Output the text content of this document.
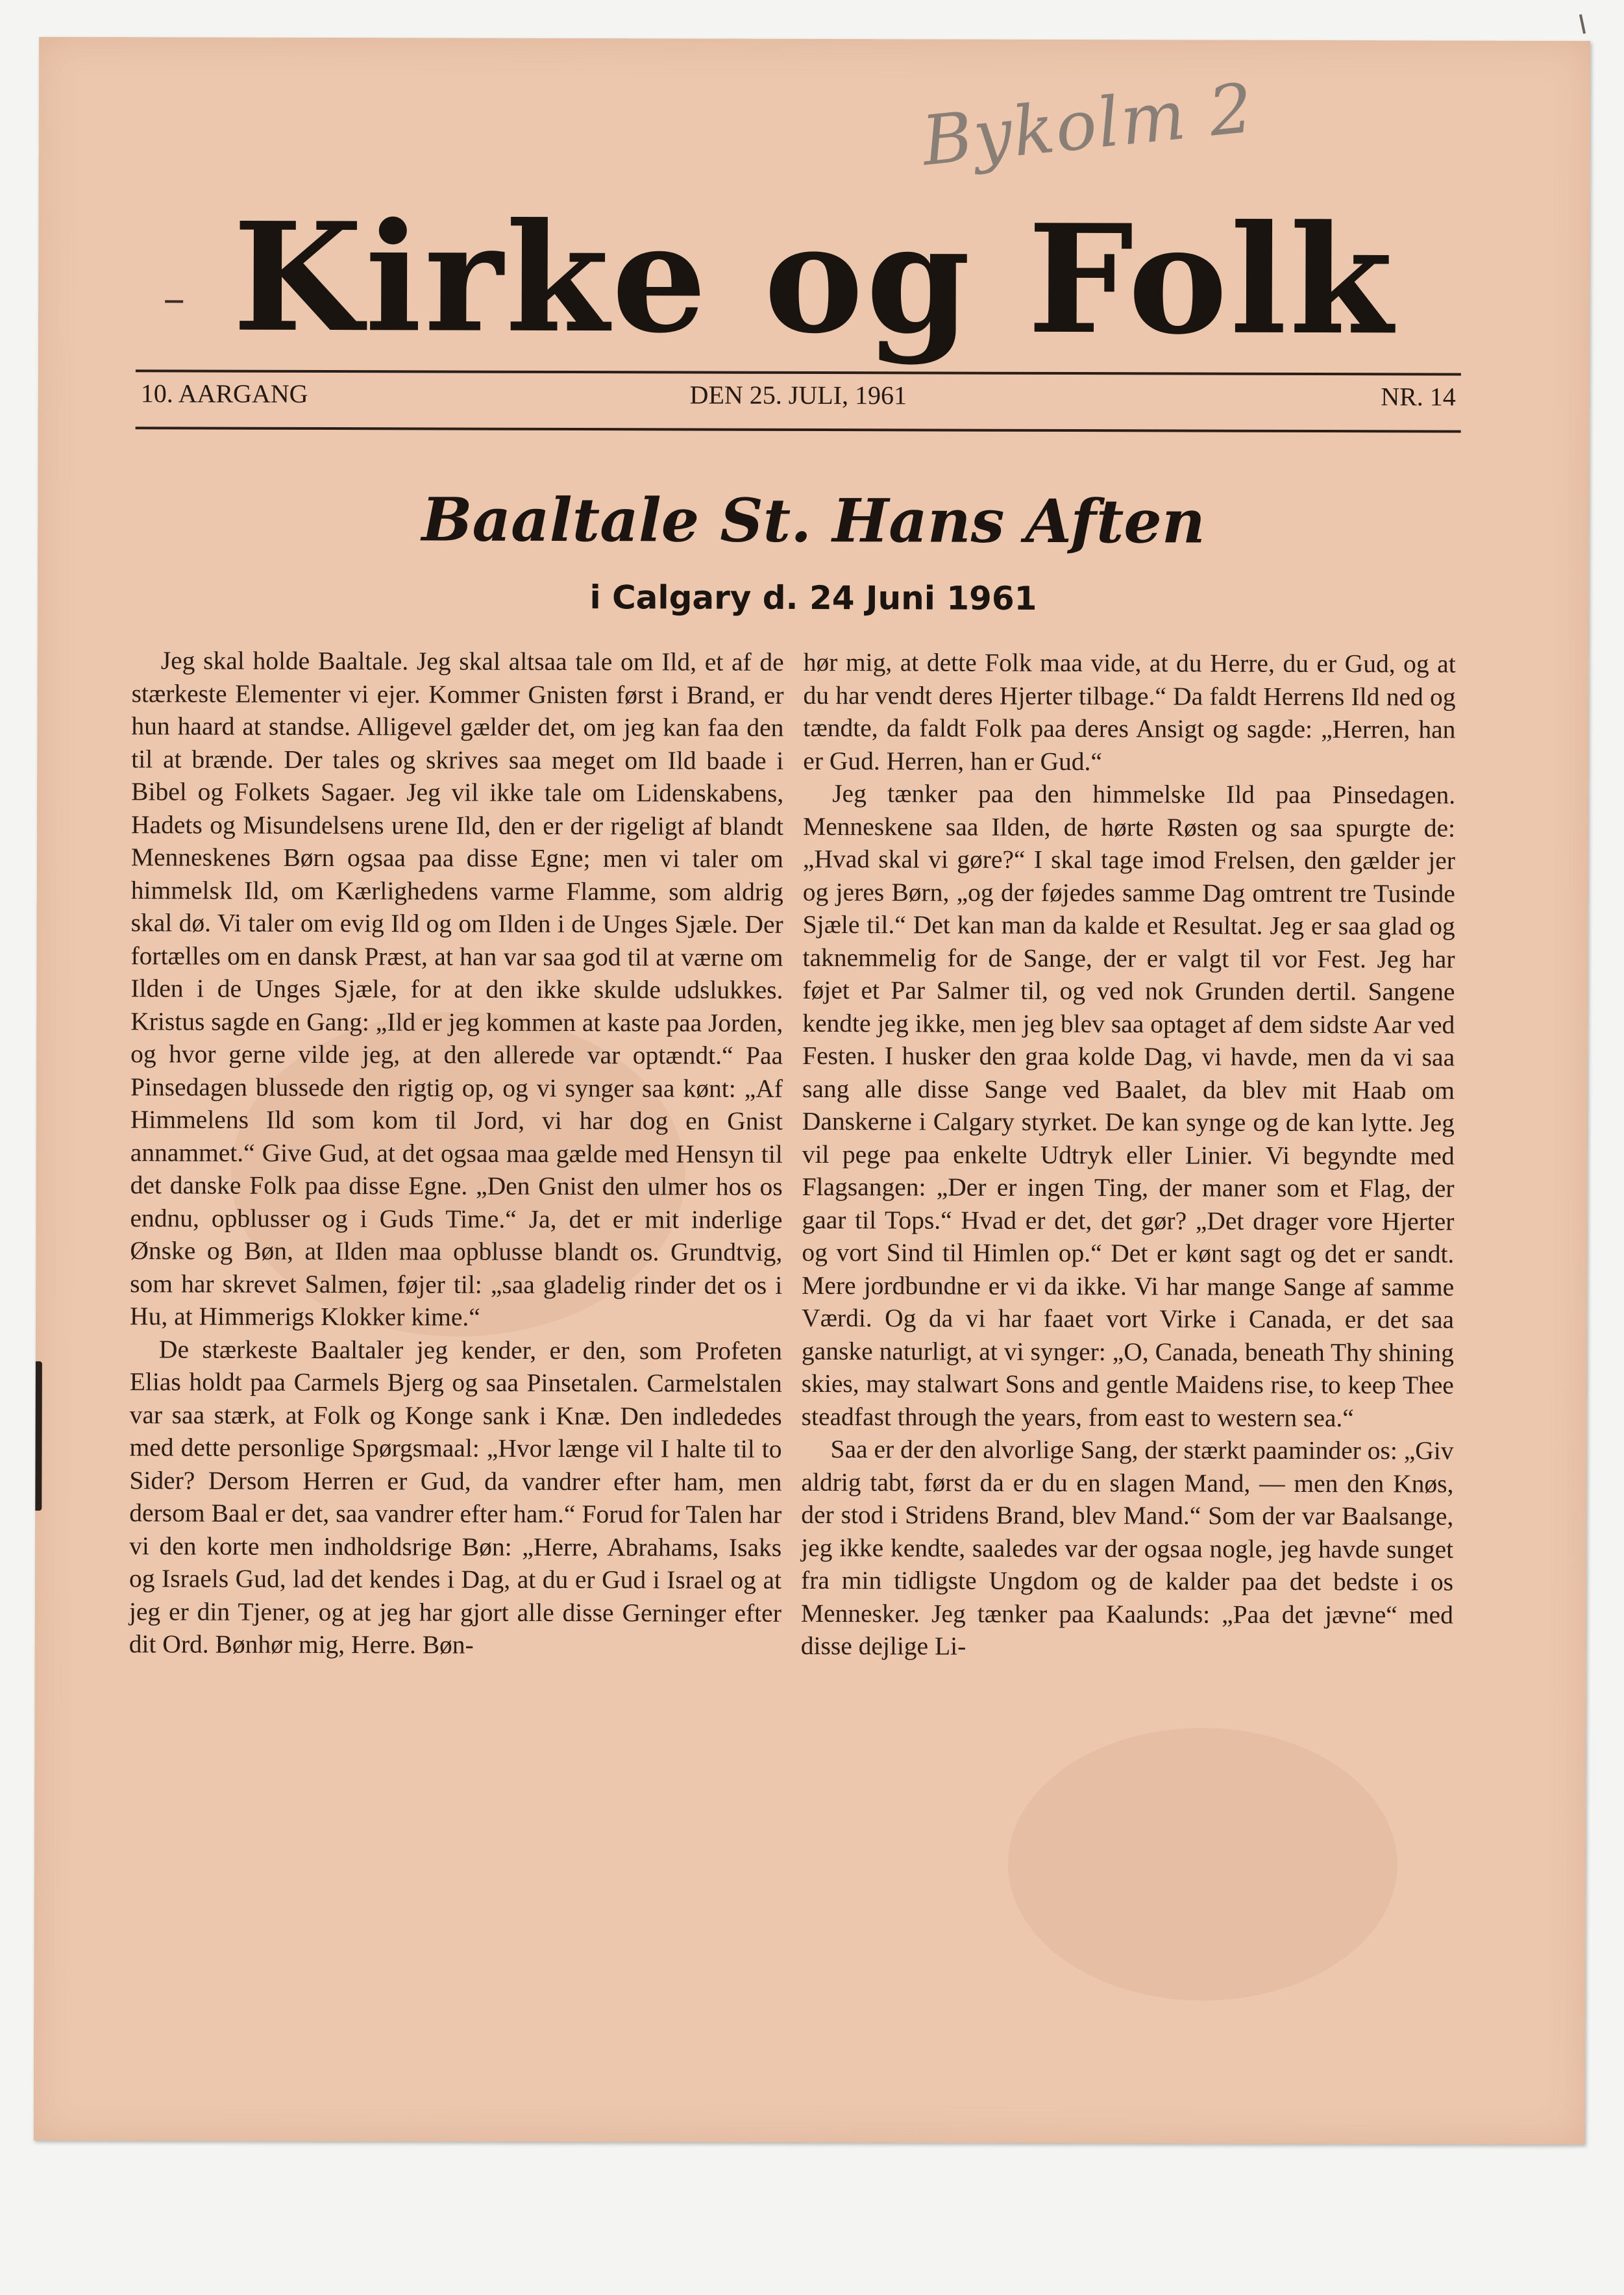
Bykolm 2
Kirke og Folk
10. AARGANG	DEN 25. JULI, 1961	NR. 14
Baaltale St. Hans Aften
i Calgary d. 24 Juni 1961

Jeg skal holde Baaltale. Jeg skal altsaa tale om Ild, et af de stærkeste Elementer vi ejer. Kommer Gnisten først i Brand, er hun haard at standse. Alligevel gælder det, om jeg kan faa den til at brænde. Der tales og skrives saa meget om Ild baade i Bibel og Folkets Sagaer. Jeg vil ikke tale om Lidenskabens, Hadets og Misundelsens urene Ild, den er der rigeligt af blandt Menneskenes Børn ogsaa paa disse Egne; men vi taler om himmelsk Ild, om Kærlighedens varme Flamme, som aldrig skal dø. Vi taler om evig Ild og om Ilden i de Unges Sjæle. Der fortælles om en dansk Præst, at han var saa god til at værne om Ilden i de Unges Sjæle, for at den ikke skulde udslukkes. Kristus sagde en Gang: „Ild er jeg kommen at kaste paa Jorden, og hvor gerne vilde jeg, at den allerede var optændt.“ Paa Pinsedagen blussede den rigtig op, og vi synger saa kønt: „Af Himmelens Ild som kom til Jord, vi har dog en Gnist annammet.“ Give Gud, at det ogsaa maa gælde med Hensyn til det danske Folk paa disse Egne. „Den Gnist den ulmer hos os endnu, opblusser og i Guds Time.“ Ja, det er mit inderlige Ønske og Bøn, at Ilden maa opblusse blandt os. Grundtvig, som har skrevet Salmen, føjer til: „saa gladelig rinder det os i Hu, at Himmerigs Klokker kime.“

De stærkeste Baaltaler jeg kender, er den, som Profeten Elias holdt paa Carmels Bjerg og saa Pinsetalen. Carmelstalen var saa stærk, at Folk og Konge sank i Knæ. Den indlededes med dette personlige Spørgsmaal: „Hvor længe vil I halte til to Sider? Dersom Herren er Gud, da vandrer efter ham, men dersom Baal er det, saa vandrer efter ham.“ Forud for Talen har vi den korte men indholdsrige Bøn: „Herre, Abrahams, Isaks og Israels Gud, lad det kendes i Dag, at du er Gud i Israel og at jeg er din Tjener, og at jeg har gjort alle disse Gerninger efter dit Ord. Bønhør mig, Herre. Bøn-

hør mig, at dette Folk maa vide, at du Herre, du er Gud, og at du har vendt deres Hjerter tilbage.“ Da faldt Herrens Ild ned og tændte, da faldt Folk paa deres Ansigt og sagde: „Herren, han er Gud. Herren, han er Gud.“

Jeg tænker paa den himmelske Ild paa Pinsedagen. Menneskene saa Ilden, de hørte Røsten og saa spurgte de: „Hvad skal vi gøre?“ I skal tage imod Frelsen, den gælder jer og jeres Børn, „og der føjedes samme Dag omtrent tre Tusinde Sjæle til.“ Det kan man da kalde et Resultat. Jeg er saa glad og taknemmelig for de Sange, der er valgt til vor Fest. Jeg har føjet et Par Salmer til, og ved nok Grunden dertil. Sangene kendte jeg ikke, men jeg blev saa optaget af dem sidste Aar ved Festen. I husker den graa kolde Dag, vi havde, men da vi saa sang alle disse Sange ved Baalet, da blev mit Haab om Danskerne i Calgary styrket. De kan synge og de kan lytte. Jeg vil pege paa enkelte Udtryk eller Linier. Vi begyndte med Flagsangen: „Der er ingen Ting, der maner som et Flag, der gaar til Tops.“ Hvad er det, det gør? „Det drager vore Hjerter og vort Sind til Himlen op.“ Det er kønt sagt og det er sandt. Mere jordbundne er vi da ikke. Vi har mange Sange af samme Værdi. Og da vi har faaet vort Virke i Canada, er det saa ganske naturligt, at vi synger: „O, Canada, beneath Thy shining skies, may stalwart Sons and gentle Maidens rise, to keep Thee steadfast through the years, from east to western sea.“

Saa er der den alvorlige Sang, der stærkt paaminder os: „Giv aldrig tabt, først da er du en slagen Mand, — men den Knøs, der stod i Stridens Brand, blev Mand.“ Som der var Baalsange, jeg ikke kendte, saaledes var der ogsaa nogle, jeg havde sunget fra min tidligste Ungdom og de kalder paa det bedste i os Mennesker. Jeg tænker paa Kaalunds: „Paa det jævne“ med disse dejlige Li-
